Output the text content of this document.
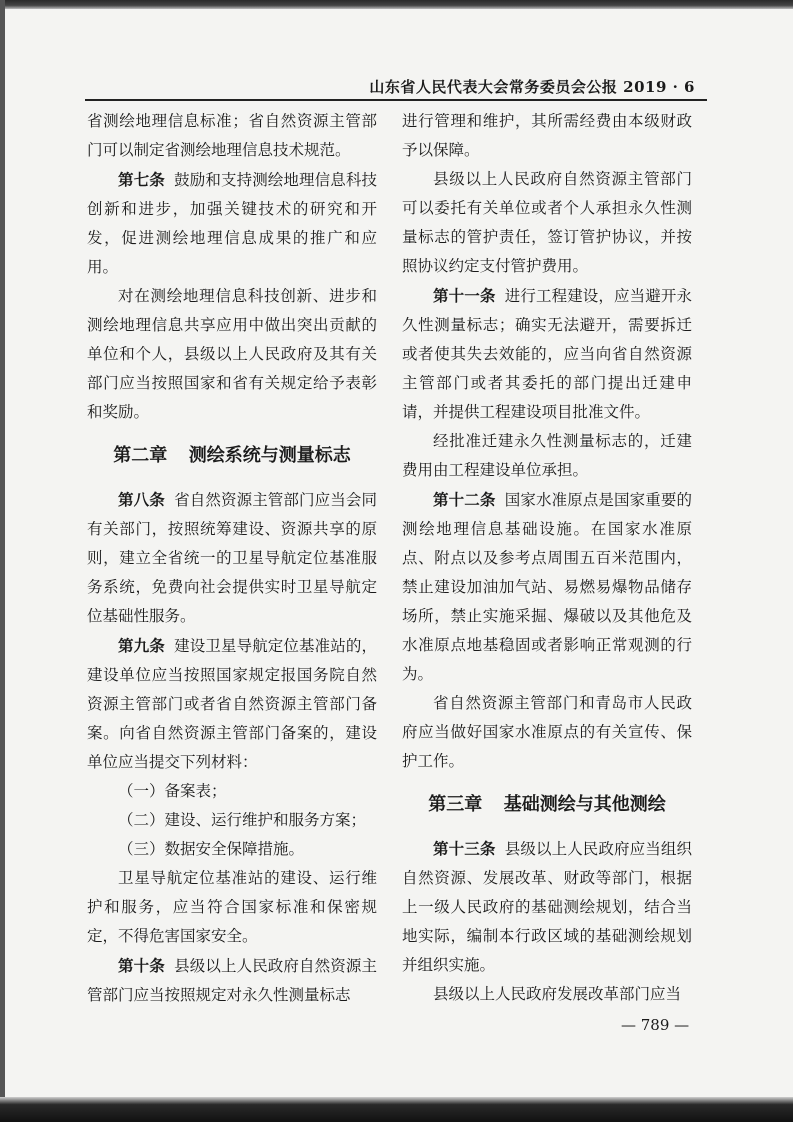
山东省人民代表大会常务委员会公报 2019 · 6

省测绘地理信息标准；省自然资源主管部门可以制定省测绘地理信息技术规范。

第七条 鼓励和支持测绘地理信息科技创新和进步，加强关键技术的研究和开发，促进测绘地理信息成果的推广和应用。

对在测绘地理信息科技创新、进步和测绘地理信息共享应用中做出突出贡献的单位和个人，县级以上人民政府及其有关部门应当按照国家和省有关规定给予表彰和奖励。

第二章 测绘系统与测量标志

第八条 省自然资源主管部门应当会同有关部门，按照统筹建设、资源共享的原则，建立全省统一的卫星导航定位基准服务系统，免费向社会提供实时卫星导航定位基础性服务。

第九条 建设卫星导航定位基准站的，建设单位应当按照国家规定报国务院自然资源主管部门或者省自然资源主管部门备案。向省自然资源主管部门备案的，建设单位应当提交下列材料：

（一）备案表；

（二）建设、运行维护和服务方案；

（三）数据安全保障措施。

卫星导航定位基准站的建设、运行维护和服务，应当符合国家标准和保密规定，不得危害国家安全。

第十条 县级以上人民政府自然资源主管部门应当按照规定对永久性测量标志

进行管理和维护，其所需经费由本级财政予以保障。

县级以上人民政府自然资源主管部门可以委托有关单位或者个人承担永久性测量标志的管护责任，签订管护协议，并按照协议约定支付管护费用。

第十一条 进行工程建设，应当避开永久性测量标志；确实无法避开，需要拆迁或者使其失去效能的，应当向省自然资源主管部门或者其委托的部门提出迁建申请，并提供工程建设项目批准文件。

经批准迁建永久性测量标志的，迁建费用由工程建设单位承担。

第十二条 国家水准原点是国家重要的测绘地理信息基础设施。在国家水准原点、附点以及参考点周围五百米范围内，禁止建设加油加气站、易燃易爆物品储存场所，禁止实施采掘、爆破以及其他危及水准原点地基稳固或者影响正常观测的行为。

省自然资源主管部门和青岛市人民政府应当做好国家水准原点的有关宣传、保护工作。

第三章 基础测绘与其他测绘

第十三条 县级以上人民政府应当组织自然资源、发展改革、财政等部门，根据上一级人民政府的基础测绘规划，结合当地实际，编制本行政区域的基础测绘规划并组织实施。

县级以上人民政府发展改革部门应当

— 789 —
